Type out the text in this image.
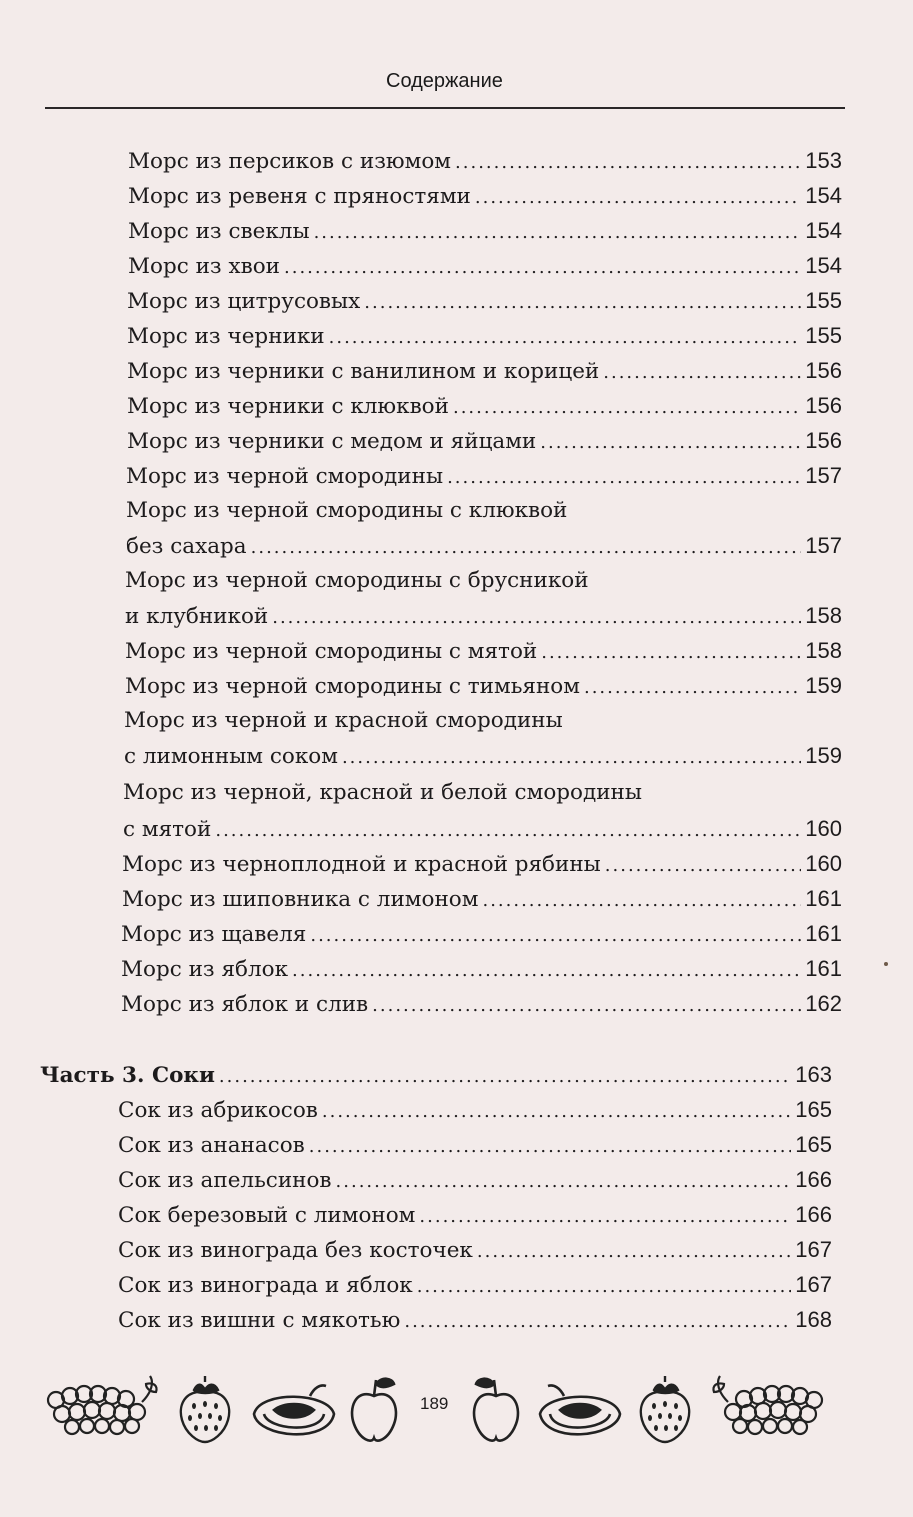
Содержание
Морс из персиков с изюмом .....	153
Морс из ревеня с пряностями .....	154
Морс из свеклы .....	154
Морс из хвои .....	154
Морс из цитрусовых .....	155
Морс из черники .....	155
Морс из черники с ванилином и корицей .....	156
Морс из черники с клюквой .....	156
Морс из черники с медом и яйцами .....	156
Морс из черной смородины .....	157
Морс из черной смородины с клюквой
без сахара .....	157
Морс из черной смородины с брусникой
и клубникой .....	158
Морс из черной смородины с мятой .....	158
Морс из черной смородины с тимьяном .....	159
Морс из черной и красной смородины
с лимонным соком .....	159
Морс из черной, красной и белой смородины
с мятой .....	160
Морс из черноплодной и красной рябины .....	160
Морс из шиповника с лимоном .....	161
Морс из щавеля .....	161
Морс из яблок .....	161
Морс из яблок и слив .....	162
Часть 3. Соки .....	163
Сок из абрикосов .....	165
Сок из ананасов .....	165
Сок из апельсинов .....	166
Сок березовый с лимоном .....	166
Сок из винограда без косточек .....	167
Сок из винограда и яблок .....	167
Сок из вишни с мякотью .....	168
189
